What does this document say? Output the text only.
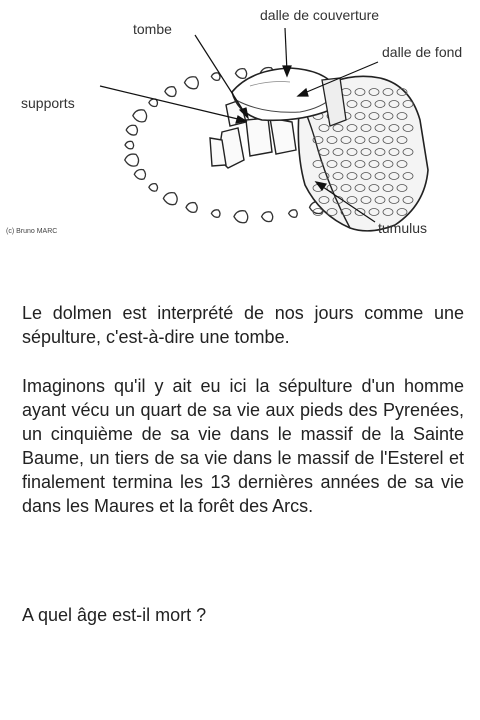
tombe
dalle de couverture
dalle de fond
supports
tumulus
(c) Bruno MARC

Le dolmen est interprété de nos jours comme une sépulture, c'est-à-dire une tombe.

Imaginons qu'il y ait eu ici la sépulture d'un homme ayant vécu un quart de sa vie aux pieds des Pyrenées, un cinquième de sa vie dans le massif de la Sainte Baume, un tiers de sa vie dans le massif de l'Esterel et finalement termina les 13 dernières années de sa vie dans les Maures et la forêt des Arcs.

A quel âge est-il mort ?
